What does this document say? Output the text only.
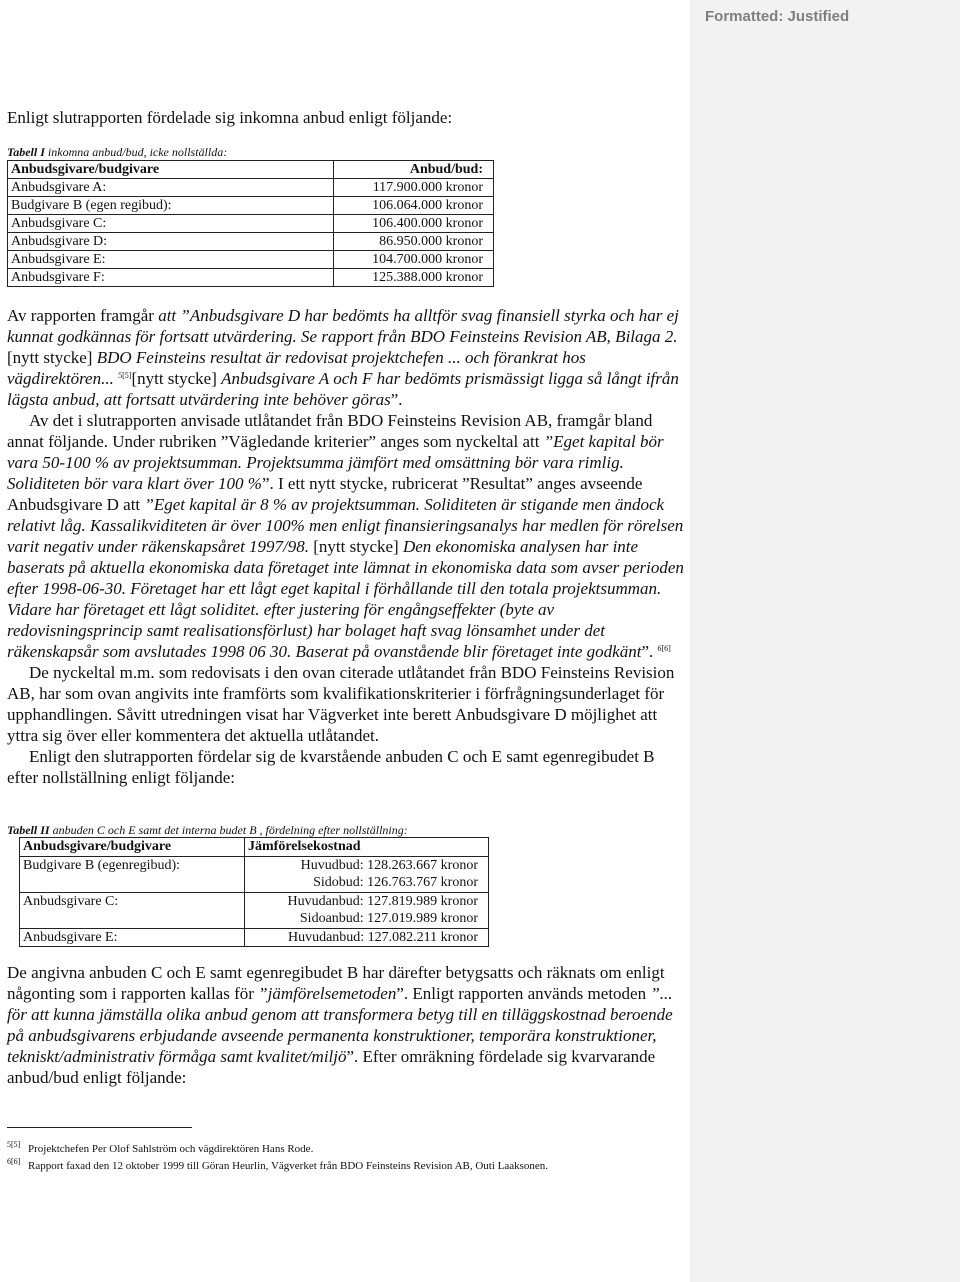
Formatted: Justified
Enligt slutrapporten fördelade sig inkomna anbud enligt följande:
Tabell I inkomna anbud/bud, icke nollställda:
Anbudsgivare/budgivare	Anbud/bud:
Anbudsgivare A:	117.900.000 kronor
Budgivare B (egen regibud):	106.064.000 kronor
Anbudsgivare C:	106.400.000 kronor
Anbudsgivare D:	86.950.000 kronor
Anbudsgivare E:	104.700.000 kronor
Anbudsgivare F:	125.388.000 kronor

Av rapporten framgår att ”Anbudsgivare D har bedömts ha alltför svag finansiell styrka och har ej kunnat godkännas för fortsatt utvärdering. Se rapport från BDO Feinsteins Revision AB, Bilaga 2. [nytt stycke] BDO Feinsteins resultat är redovisat projektchefen ... och förankrat hos vägdirektören... $^{5[5]}$[nytt stycke] Anbudsgivare A och F har bedömts prismässigt ligga så långt ifrån lägsta anbud, att fortsatt utvärdering inte behöver göras”.

Av det i slutrapporten anvisade utlåtandet från BDO Feinsteins Revision AB, framgår bland annat följande. Under rubriken ”Vägledande kriterier” anges som nyckeltal att ”Eget kapital bör vara 50-100 % av projektsumman. Projektsumma jämfört med omsättning bör vara rimlig. Soliditeten bör vara klart över 100 %”. I ett nytt stycke, rubricerat ”Resultat” anges avseende Anbudsgivare D att ”Eget kapital är 8 % av projektsumman. Soliditeten är stigande men ändock relativt låg. Kassalikviditeten är över 100% men enligt finansieringsanalys har medlen för rörelsen varit negativ under räkenskapsåret 1997/98. [nytt stycke] Den ekonomiska analysen har inte baserats på aktuella ekonomiska data företaget inte lämnat in ekonomiska data som avser perioden efter 1998-06-30. Företaget har ett lågt eget kapital i förhållande till den totala projektsumman. Vidare har företaget ett lågt soliditet. efter justering för engångseffekter (byte av redovisningsprincip samt realisationsförlust) har bolaget haft svag lönsamhet under det räkenskapsår som avslutades 1998 06 30. Baserat på ovanstående blir företaget inte godkänt”. $^{6[6]}$

De nyckeltal m.m. som redovisats i den ovan citerade utlåtandet från BDO Feinsteins Revision AB, har som ovan angivits inte framförts som kvalifikationskriterier i förfrågningsunderlaget för upphandlingen. Såvitt utredningen visat har Vägverket inte berett Anbudsgivare D möjlighet att yttra sig över eller kommentera det aktuella utlåtandet.

Enligt den slutrapporten fördelar sig de kvarstående anbuden C och E samt egenregibudet B efter nollställning enligt följande:

Tabell II anbuden C och E samt det interna budet B , fördelning efter nollställning:
Anbudsgivare/budgivare	Jämförelsekostnad
Budgivare B (egenregibud):	Huvudbud: 128.263.667 kronor
Sidobud: 126.763.767 kronor

Anbudsgivare C:	Huvudanbud: 127.819.989 kronor
Sidoanbud: 127.019.989 kronor

Anbudsgivare E:	Huvudanbud: 127.082.211 kronor

De angivna anbuden C och E samt egenregibudet B har därefter betygsatts och räknats om enligt någonting som i rapporten kallas för ”jämförelsemetoden”. Enligt rapporten används metoden ”... för att kunna jämställa olika anbud genom att transformera betyg till en tilläggskostnad beroende på anbudsgivarens erbjudande avseende permanenta konstruktioner, temporära konstruktioner, tekniskt/administrativ förmåga samt kvalitet/miljö”. Efter omräkning fördelade sig kvarvarande anbud/bud enligt följande:

5[5] Projektchefen Per Olof Sahlström och vägdirektören Hans Rode.
6[6] Rapport faxad den 12 oktober 1999 till Göran Heurlin, Vägverket från BDO Feinsteins Revision AB, Outi Laaksonen.
